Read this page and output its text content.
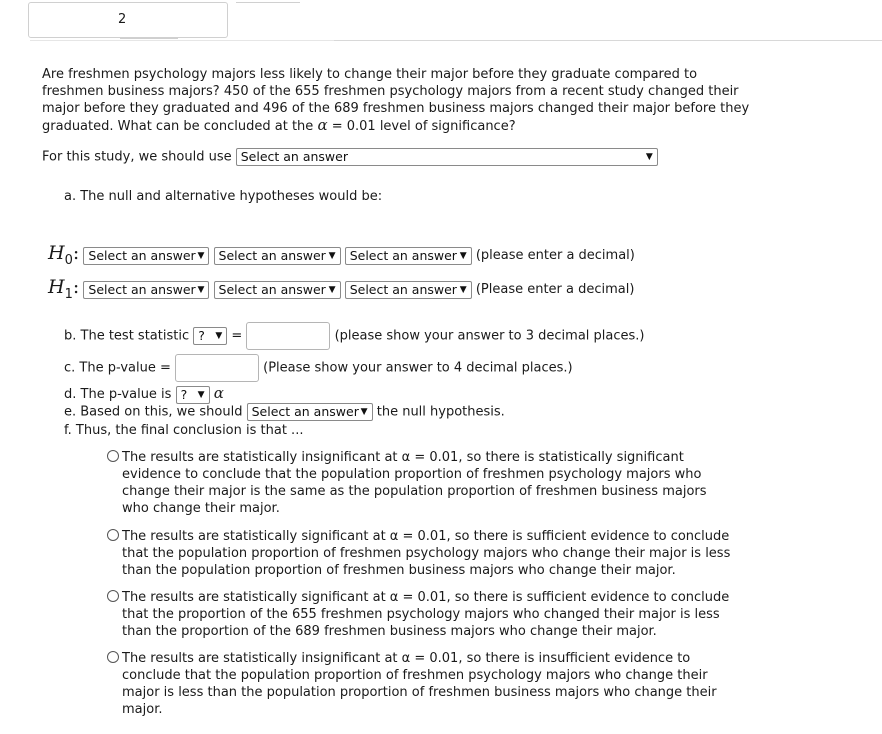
2
Are freshmen psychology majors less likely to change their major before they graduate compared to freshmen business majors? 450 of the 655 freshmen psychology majors from a recent study changed their major before they graduated and 496 of the 689 freshmen business majors changed their major before they graduated. What can be concluded at the α = 0.01 level of significance?
For this study, we should use Select an answer	▼
a. The null and alternative hypotheses would be:
$H_0$: Select an answer ▼ Select an answer ▼ Select an answer ▼ (please enter a decimal)
$H_1$: Select an answer ▼ Select an answer ▼ Select an answer ▼ (Please enter a decimal)
b. The test statistic ? ▼ =	(please show your answer to 3 decimal places.)
c. The p-value =	(Please show your answer to 4 decimal places.)
d. The p-value is ? ▼ α
e. Based on this, we should Select an answer ▼ the null hypothesis.
f. Thus, the final conclusion is that ...
The results are statistically insignificant at α = 0.01, so there is statistically significant evidence to conclude that the population proportion of freshmen psychology majors who change their major is the same as the population proportion of freshmen business majors who change their major.
The results are statistically significant at α = 0.01, so there is sufficient evidence to conclude that the population proportion of freshmen psychology majors who change their major is less than the population proportion of freshmen business majors who change their major.
The results are statistically significant at α = 0.01, so there is sufficient evidence to conclude that the proportion of the 655 freshmen psychology majors who changed their major is less than the proportion of the 689 freshmen business majors who change their major.
The results are statistically insignificant at α = 0.01, so there is insufficient evidence to conclude that the population proportion of freshmen psychology majors who change their major is less than the population proportion of freshmen business majors who change their major.
